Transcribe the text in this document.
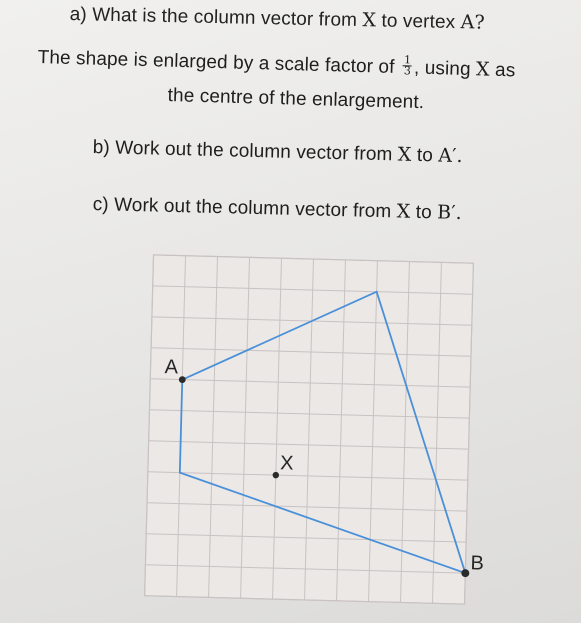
a) What is the column vector from X to vertex A?
The shape is enlarged by a scale factor of $\frac{1}{3}$ , using X as
the centre of the enlargement.
b) Work out the column vector from X to A′.
c) Work out the column vector from X to B′.
A
X
B
